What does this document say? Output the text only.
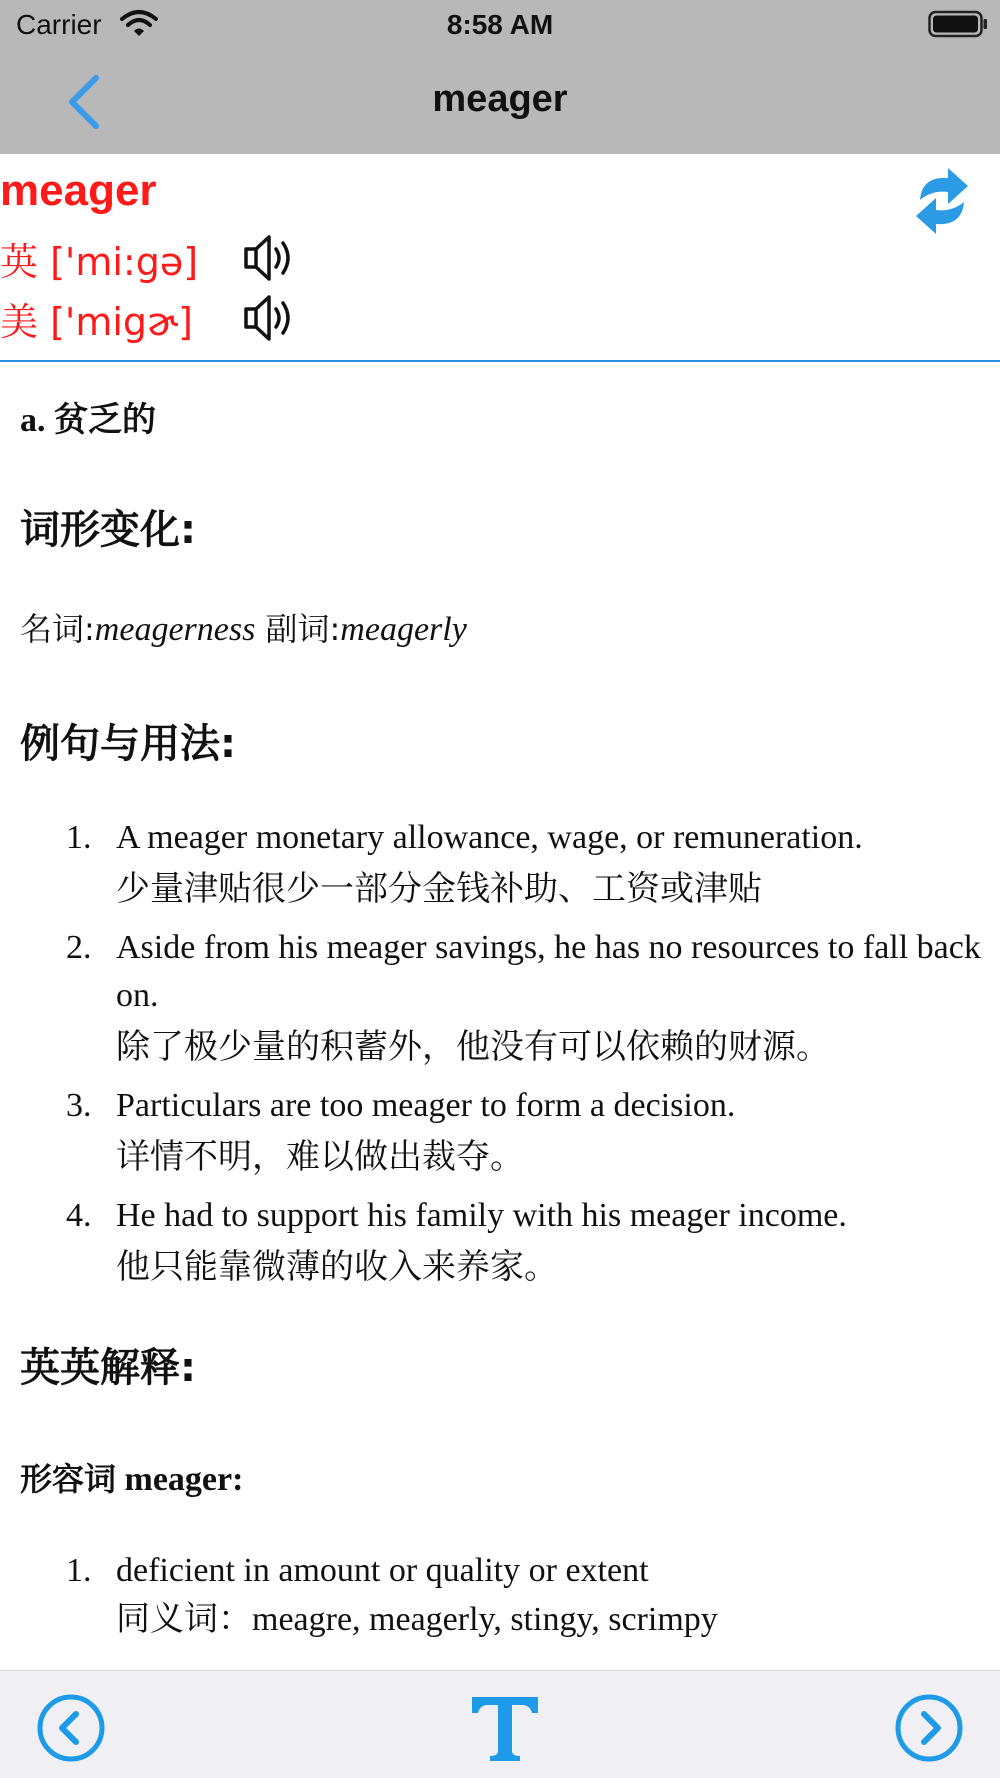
Carrier	8:58 AM
meager
meager
英 ['mi:gə]
美 ['migɚ]
a. 贫乏的
词形变化:
名词:meagerness 副词:meagerly
例句与用法:
1. A meager monetary allowance, wage, or remuneration.
少量津贴很少一部分金钱补助、工资或津贴
2. Aside from his meager savings, he has no resources to fall back on.
除了极少量的积蓄外，他没有可以依赖的财源。
3. Particulars are too meager to form a decision.
详情不明，难以做出裁夺。
4. He had to support his family with his meager income.
他只能靠微薄的收入来养家。
英英解释:
形容词 meager:
1. deficient in amount or quality or extent
同义词：meagre, meagerly, stingy, scrimpy
